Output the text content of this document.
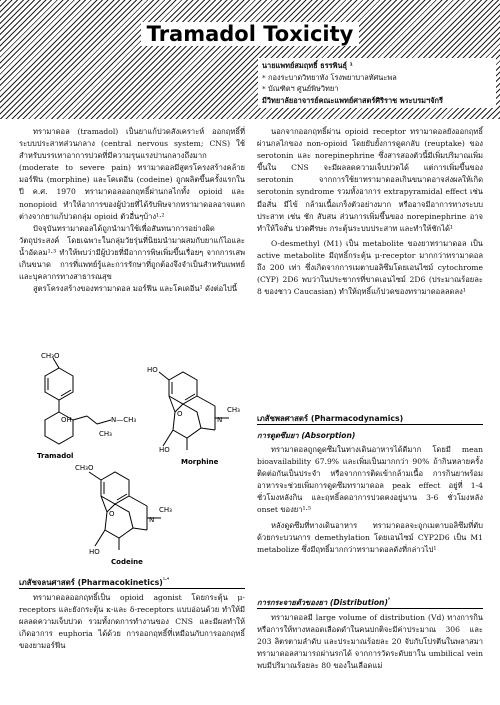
Tramadol Toxicity
นายแพทย์สมฤทธิ์ ธรรพินธุ์ ¹
* กองระบาดวิทยาทัง โรงพยาบาลทัศนะพล
* บัณฑิตฯ ศูนย์พิษวิทยา
มีวิทยาลัยอาจารย์คณะแพทย์ศาสตร์ศิริราช พระบรมฯจักรี

ทรามาดอล (tramadol) เป็นยาแก้ปวดสังเคราะห์ ออกฤทธิ์ที่ระบบประสาทส่วนกลาง (central nervous system; CNS) ใช้สำหรับบรรเทาอาการปวดที่มีความรุนแรงปานกลางถึงมาก (moderate to severe pain) ทรามาดอลมีสูตรโครงสร้างคล้ายมอร์ฟีน (morphine) และโคเดอีน (codeine) ถูกผลิตขึ้นครั้งแรกในปี ค.ศ. 1970 ทรามาดอลออกฤทธิ์ผ่านกลไกทั้ง opioid และ nonopioid ทำให้อาการของผู้ป่วยที่ได้รับพิษจากทรามาดอลอาจแตกต่างจากยาแก้ปวดกลุ่ม opioid ตัวอื่นๆบ้าง¹·²

ปัจจุบันทรามาดอลได้ถูกนำมาใช้เพื่อสันทนาการอย่างผิดวัตถุประสงค์ โดยเฉพาะในกลุ่มวัยรุ่นที่นิยมนำมาผสมกับยาแก้ไอและน้ำอัดลม¹·³ ทำให้พบว่ามีผู้ป่วยที่มีอาการพิษเพิ่มขึ้นเรื่อยๆ จากการเสพเกินขนาด การที่แพทย์รู้และการรักษาที่ถูกต้องจึงจำเป็นสำหรับแพทย์และบุคลากรทางสาธารณสุข

สูตรโครงสร้างของทรามาดอล มอร์ฟีน และโคเดอีน¹ ดังต่อไปนี้

CH₃O
OH	N—CH₃
CH₃
HO
HO
O
N
CH₃
CH₃O
HO
O
N
CH₃
Tramadol
Morphine
Codeine
เภสัชจลนศาสตร์ (Pharmacokinetics)$^{^1\cdot^4}$

ทรามาดอลออกฤทธิ์เป็น opioid agonist โดยกระตุ้น μ-receptors และยังกระตุ้น κ-และ δ-receptors แบบอ่อนด้วย ทำให้มีผลลดความเจ็บปวด รวมทั้งกดการทำงานของ CNS และมีผลทำให้เกิดอาการ euphoria ได้ด้วย การออกฤทธิ์ที่เหมือนกับการออกฤทธิ์ของยามอร์ฟีน

นอกจากออกฤทธิ์ผ่าน opioid receptor ทรามาดอลยังออกฤทธิ์ผ่านกลไกของ non-opioid โดยยับยั้งการดูดกลับ (reuptake) ของ serotonin และ norepinephrine ซึ่งสารสองตัวนี้มีเพิ่มปริมาณเพิ่มขึ้นใน CNS จะมีผลลดความเจ็บปวดได้ แต่การเพิ่มขึ้นของ serotonin จากการใช้ยาทรามาดอลเกินขนาดอาจส่งผลให้เกิด serotonin syndrome รวมทั้งอาการ extrapyramidal effect เช่น มือสั่น มีไข้ กล้ามเนื้อเกร็งตัวอย่างมาก หรืออาจมีอาการทางระบบประสาท เช่น ชัก สับสน ส่วนการเพิ่มขึ้นของ norepinephrine อาจทำให้ใจสั่น ปวดศีรษะ กระตุ้นระบบประสาท และทำให้ชักได้¹

O-desmethyl (M1) เป็น metabolite ของยาทรามาดอล เป็น active metabolite มีฤทธิ์กระตุ้น μ-receptor มากกว่าทรามาดอลถึง 200 เท่า ซึ่งเกิดจากการเมตาบอลิซึมโดยเอนไซม์ cytochrome (CYP) 2D6 พบว่าในประชากรที่ขาดเอนไซม์ 2D6 (ประมาณร้อยละ 8 ของชาว Caucasian) ทำให้ฤทธิ์แก้ปวดของทรามาดอลลดลง¹

เภสัชพลศาสตร์ (Pharmacodynamics)
การดูดซึมยา (Absorption)

ทรามาดอลถูกดูดซึมในทางเดินอาหารได้ดีมาก โดยมี mean bioavailability 67.9% และเพิ่มเป็นมากกว่า 90% ถ้ากินหลายครั้งติดต่อกันเป็นประจำ หรือจากการติดเข้ากล้ามเนื้อ การกินยาพร้อมอาหารจะช่วยเพิ่มการดูดซึมทรามาดอล peak effect อยู่ที่ 1-4 ชั่วโมงหลังกิน และฤทธิ์ลดอาการปวดคงอยู่นาน 3-6 ชั่วโมงหลัง onset ของยา¹·⁵

หลังดูดซึมที่ทางเดินอาหาร ทรามาดอลจะถูกเมตาบอลิซึมที่ตับด้วยกระบวนการ demethylation โดยเอนไซม์ CYP2D6 เป็น M1 metabolize ซึ่งมีฤทธิ์มากกว่าทรามาดอลดังที่กล่าวไป¹

การกระจายตัวของยา (Distribution)$^{^5}$

ทรามาดอลมี large volume of distribution (Vd) ทางการกินหรือการให้ทางหลอดเลือดดำในคนปกติจะมีค่าประมาณ 306 และ 203 ลิตรตามลำดับ และประมาณร้อยละ 20 จับกับโปรตีนในพลาสมา ทรามาดอลสามารถผ่านรกได้ จากการวัดระดับยาใน umbilical vein พบมีปริมาณร้อยละ 80 ของในเลือดแม่
